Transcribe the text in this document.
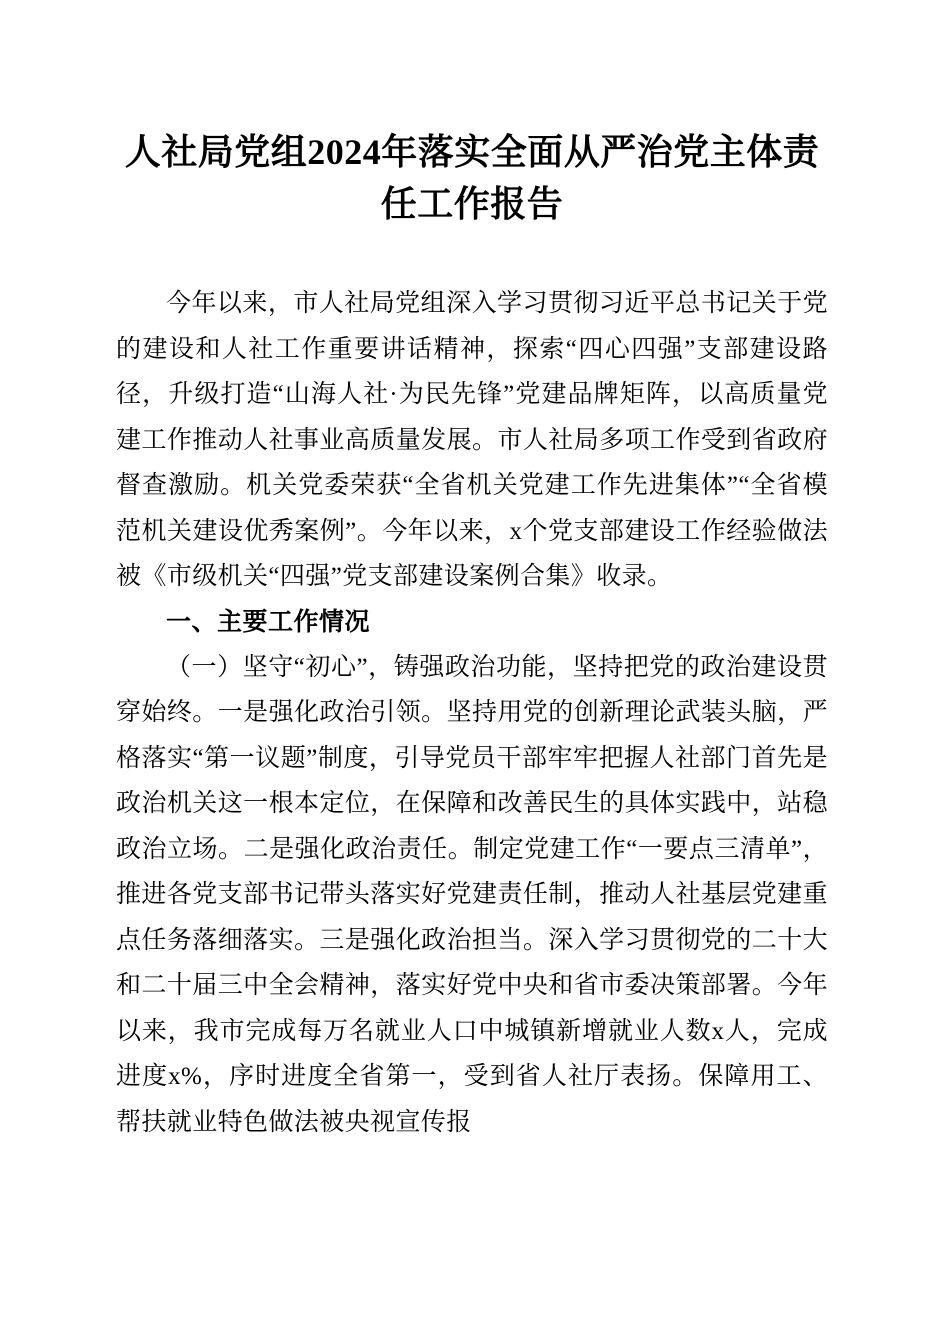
人社局党组2024年落实全面从严治党主体责
任工作报告

今年以来，市人社局党组深入学习贯彻习近平总书记关于党的建设和人社工作重要讲话精神，探索“四心四强”支部建设路径，升级打造“山海人社·为民先锋”党建品牌矩阵，以高质量党建工作推动人社事业高质量发展。市人社局多项工作受到省政府督查激励。机关党委荣获“全省机关党建工作先进集体”“全省模范机关建设优秀案例”。今年以来，x个党支部建设工作经验做法被《市级机关“四强”党支部建设案例合集》收录。

一、主要工作情况

（一）坚守“初心”，铸强政治功能，坚持把党的政治建设贯穿始终。一是强化政治引领。坚持用党的创新理论武装头脑，严格落实“第一议题”制度，引导党员干部牢牢把握人社部门首先是政治机关这一根本定位，在保障和改善民生的具体实践中，站稳政治立场。二是强化政治责任。制定党建工作“一要点三清单”，推进各党支部书记带头落实好党建责任制，推动人社基层党建重点任务落细落实。三是强化政治担当。深入学习贯彻党的二十大和二十届三中全会精神，落实好党中央和省市委决策部署。今年以来，我市完成每万名就业人口中城镇新增就业人数x人，完成进度x%，序时进度全省第一，受到省人社厅表扬。保障用工、帮扶就业特色做法被央视宣传报
